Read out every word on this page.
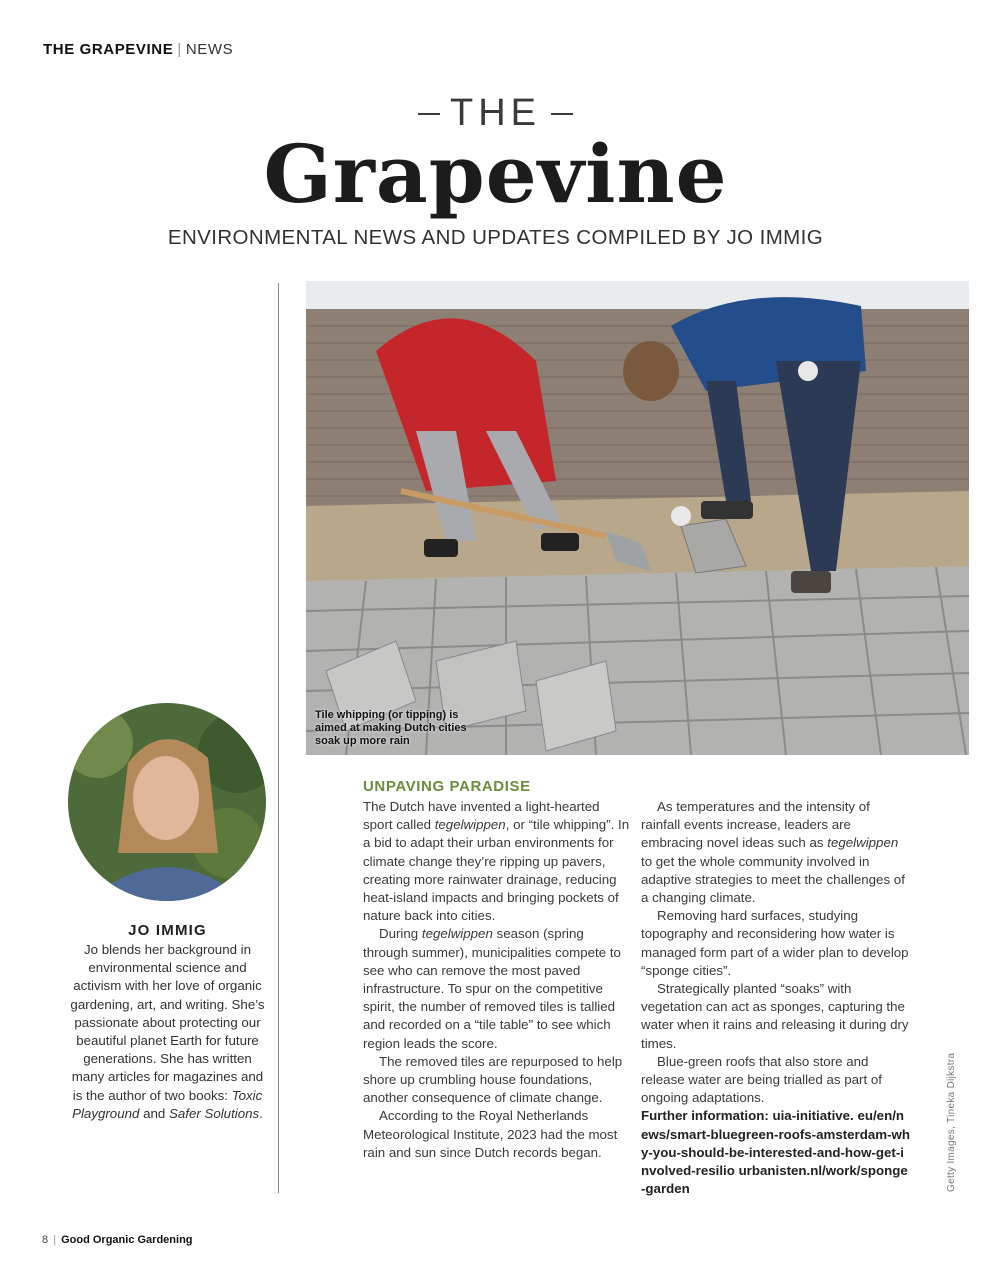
THE GRAPEVINE | NEWS
THE
Grapevine
ENVIRONMENTAL NEWS AND UPDATES COMPILED BY JO IMMIG
Tile whipping (or tipping) is aimed at making Dutch cities soak up more rain
JO IMMIG
Jo blends her background in environmental science and activism with her love of organic gardening, art, and writing. She’s passionate about protecting our beautiful planet Earth for future generations. She has written many articles for magazines and is the author of two books: Toxic Playground and Safer Solutions.
UNPAVING PARADISE

The Dutch have invented a light-hearted sport called tegelwippen, or “tile whipping”. In a bid to adapt their urban environments for climate change they’re ripping up pavers, creating more rainwater drainage, reducing heat-island impacts and bringing pockets of nature back into cities.

During tegelwippen season (spring through summer), municipalities compete to see who can remove the most paved infrastructure. To spur on the competitive spirit, the number of removed tiles is tallied and recorded on a “tile table” to see which region leads the score.

The removed tiles are repurposed to help shore up crumbling house foundations, another consequence of climate change.

According to the Royal Netherlands Meteorological Institute, 2023 had the most rain and sun since Dutch records began.

As temperatures and the intensity of rainfall events increase, leaders are embracing novel ideas such as tegelwippen to get the whole community involved in adaptive strategies to meet the challenges of a changing climate.

Removing hard surfaces, studying topography and reconsidering how water is managed form part of a wider plan to develop “sponge cities”.

Strategically planted “soaks” with vegetation can act as sponges, capturing the water when it rains and releasing it during dry times.

Blue-green roofs that also store and release water are being trialled as part of ongoing adaptations.

Further information: uia-initiative. eu/en/news/smart-bluegreen-roofs-amsterdam-why-you-should-be-interested-and-how-get-involved-resilio urbanisten.nl/work/sponge-garden	Getty Images, Tineka Dijkstra
8 | Good Organic Gardening
